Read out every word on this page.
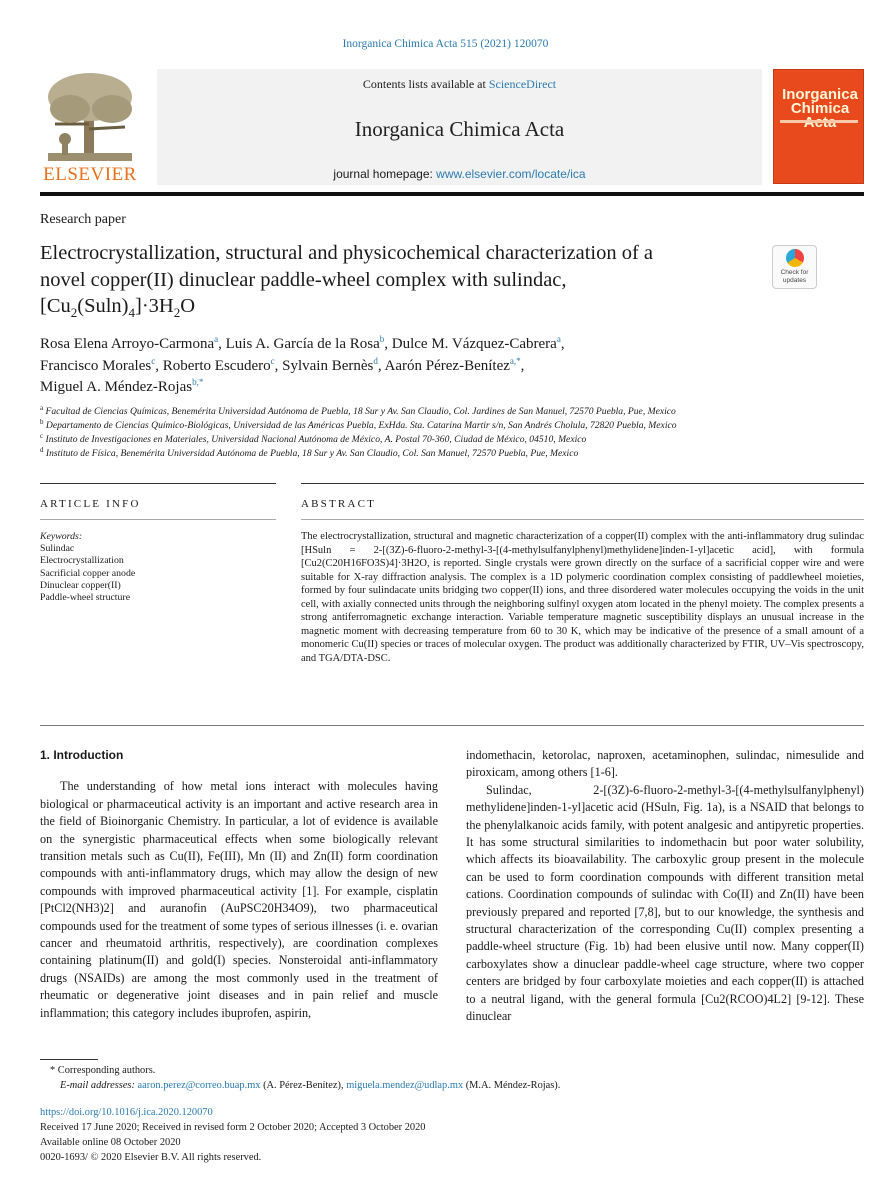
Inorganica Chimica Acta 515 (2021) 120070
ELSEVIER
Contents lists available at ScienceDirect
Inorganica Chimica Acta
journal homepage: www.elsevier.com/locate/ica
Inorganica Chimica
Research paper
Electrocrystallization, structural and physicochemical characterization of a
novel copper(II) dinuclear paddle-wheel complex with sulindac,
$[Cu_2(Suln)_4]\cdot 3H_2O$
Check for updates
Rosa Elena Arroyo-Carmona$^a$, Luis A. García de la Rosa$^b$, Dulce M. Vázquez-Cabrera$^a$,
Francisco Morales$^c$, Roberto Escudero$^c$, Sylvain Bernès$^d$, Aarón Pérez-Benítez$^{a,*}$,
Miguel A. Méndez-Rojas$^{b,*}$
$^a$ Facultad de Ciencias Químicas, Benemérita Universidad Autónoma de Puebla, 18 Sur y Av. San Claudio, Col. Jardines de San Manuel, 72570 Puebla, Pue, Mexico
$^b$ Departamento de Ciencias Químico-Biológicas, Universidad de las Américas Puebla, ExHda. Sta. Catarina Martir s/n, San Andrés Cholula, 72820 Puebla, Mexico
$^c$ Instituto de Investigaciones en Materiales, Universidad Nacional Autónoma de México, A. Postal 70-360, Ciudad de México, 04510, Mexico
$^d$ Instituto de Física, Benemérita Universidad Autónoma de Puebla, 18 Sur y Av. San Claudio, Col. San Manuel, 72570 Puebla, Pue, Mexico
ARTICLE INFO	ABSTRACT
Keywords:
Sulindac
Electrocrystallization
Sacrificial copper anode
Dinuclear copper(II)
Paddle-wheel structure
The electrocrystallization, structural and magnetic characterization of a copper(II) complex with the anti-inflammatory drug sulindac [HSuln = 2-[(3Z)-6-fluoro-2-methyl-3-[(4-methylsulfanylphenyl)methylidene]inden-1-yl]acetic acid], with formula [Cu2(C20H16FO3S)4]·3H2O, is reported. Single crystals were grown directly on the surface of a sacrificial copper wire and were suitable for X-ray diffraction analysis. The complex is a 1D polymeric coordination complex consisting of paddlewheel moieties, formed by four sulindacate units bridging two copper(II) ions, and three disordered water molecules occupying the voids in the unit cell, with axially connected units through the neighboring sulfinyl oxygen atom located in the phenyl moiety. The complex presents a strong antiferromagnetic exchange interaction. Variable temperature magnetic susceptibility displays an unusual increase in the magnetic moment with decreasing temperature from 60 to 30 K, which may be indicative of the presence of a small amount of a monomeric Cu(II) species or traces of molecular oxygen. The product was additionally characterized by FTIR, UV–Vis spectroscopy, and TGA/DTA-DSC.
1. Introduction

The understanding of how metal ions interact with molecules having biological or pharmaceutical activity is an important and active research area in the field of Bioinorganic Chemistry. In particular, a lot of evidence is available on the synergistic pharmaceutical effects when some biologically relevant transition metals such as Cu(II), Fe(III), Mn (II) and Zn(II) form coordination compounds with anti-inflammatory drugs, which may allow the design of new compounds with improved pharmaceutical activity [1]. For example, cisplatin [PtCl2(NH3)2] and auranofin (AuPSC20H34O9), two pharmaceutical compounds used for the treatment of some types of serious illnesses (i. e. ovarian cancer and rheumatoid arthritis, respectively), are coordination complexes containing platinum(II) and gold(I) species. Nonsteroidal anti-inflammatory drugs (NSAIDs) are among the most commonly used in the treatment of rheumatic or degenerative joint diseases and in pain relief and muscle inflammation; this category includes ibuprofen, aspirin,

indomethacin, ketorolac, naproxen, acetaminophen, sulindac, nimesulide and piroxicam, among others [1-6].

Sulindac, 2-[(3Z)-6-fluoro-2-methyl-3-[(4-methylsulfanylphenyl) methylidene]inden-1-yl]acetic acid (HSuln, Fig. 1a), is a NSAID that belongs to the phenylalkanoic acids family, with potent analgesic and antipyretic properties. It has some structural similarities to indomethacin but poor water solubility, which affects its bioavailability. The carboxylic group present in the molecule can be used to form coordination compounds with different transition metal cations. Coordination compounds of sulindac with Co(II) and Zn(II) have been previously prepared and reported [7,8], but to our knowledge, the synthesis and structural characterization of the corresponding Cu(II) complex presenting a paddle-wheel structure (Fig. 1b) had been elusive until now. Many copper(II) carboxylates show a dinuclear paddle-wheel cage structure, where two copper centers are bridged by four carboxylate moieties and each copper(II) is attached to a neutral ligand, with the general formula [Cu2(RCOO)4L2] [9-12]. These dinuclear

* Corresponding authors.
E-mail addresses: aaron.perez@correo.buap.mx (A. Pérez-Benítez), miguela.mendez@udlap.mx (M.A. Méndez-Rojas).
https://doi.org/10.1016/j.ica.2020.120070
Received 17 June 2020; Received in revised form 2 October 2020; Accepted 3 October 2020
Available online 08 October 2020
0020-1693/ © 2020 Elsevier B.V. All rights reserved.
